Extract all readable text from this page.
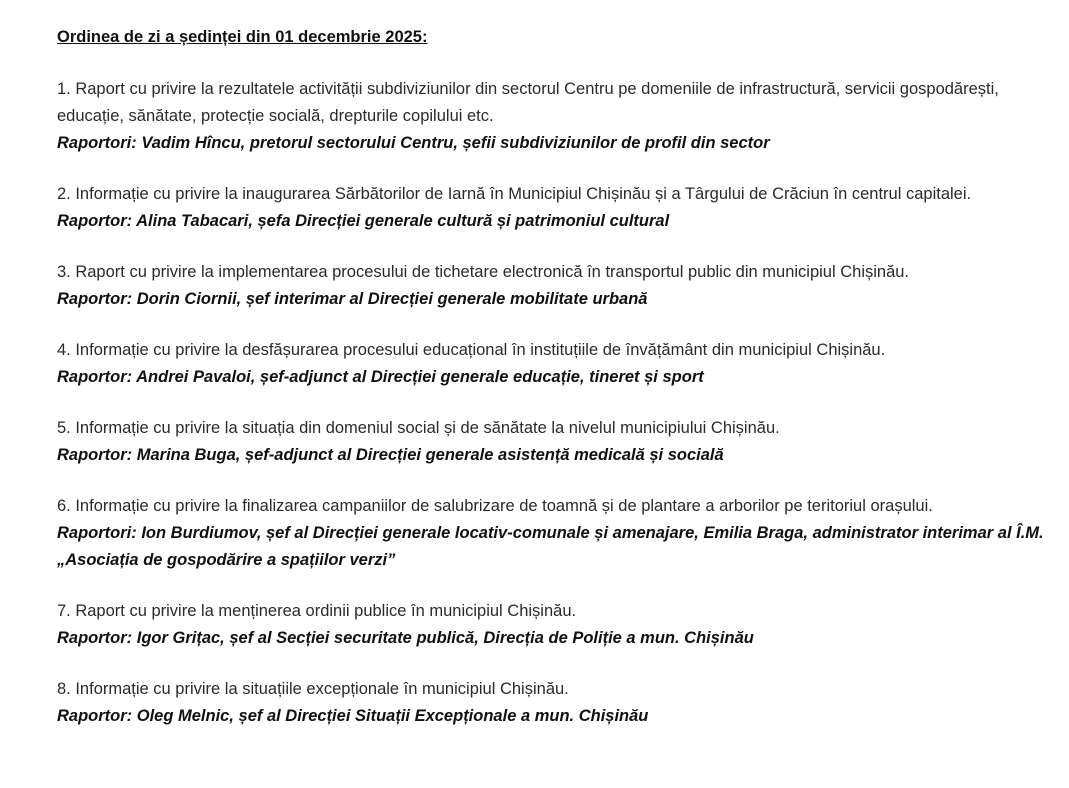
Ordinea de zi a ședinței din 01 decembrie 2025:

1. Raport cu privire la rezultatele activității subdiviziunilor din sectorul Centru pe domeniile de infrastructură, servicii gospodărești, educație, sănătate, protecție socială, drepturile copilului etc.

Raportori: Vadim Hîncu, pretorul sectorului Centru, șefii subdiviziunilor de profil din sector

2. Informație cu privire la inaugurarea Sărbătorilor de Iarnă în Municipiul Chișinău și a Târgului de Crăciun în centrul capitalei.

Raportor: Alina Tabacari, șefa Direcției generale cultură și patrimoniul cultural

3. Raport cu privire la implementarea procesului de tichetare electronică în transportul public din municipiul Chișinău.

Raportor: Dorin Ciornii, șef interimar al Direcției generale mobilitate urbană

4. Informație cu privire la desfășurarea procesului educațional în instituțiile de învățământ din municipiul Chișinău.

Raportor: Andrei Pavaloi, șef-adjunct al Direcției generale educație, tineret și sport

5. Informație cu privire la situația din domeniul social și de sănătate la nivelul municipiului Chișinău.

Raportor: Marina Buga, șef-adjunct al Direcției generale asistență medicală și socială

6. Informație cu privire la finalizarea campaniilor de salubrizare de toamnă și de plantare a arborilor pe teritoriul orașului.

Raportori: Ion Burdiumov, șef al Direcției generale locativ-comunale și amenajare, Emilia Braga, administrator interimar al Î.M. „Asociația de gospodărire a spațiilor verzi”

7. Raport cu privire la menținerea ordinii publice în municipiul Chișinău.

Raportor: Igor Grițac, șef al Secției securitate publică, Direcția de Poliție a mun. Chișinău

8. Informație cu privire la situațiile excepționale în municipiul Chișinău.

Raportor: Oleg Melnic, șef al Direcției Situații Excepționale a mun. Chișinău
